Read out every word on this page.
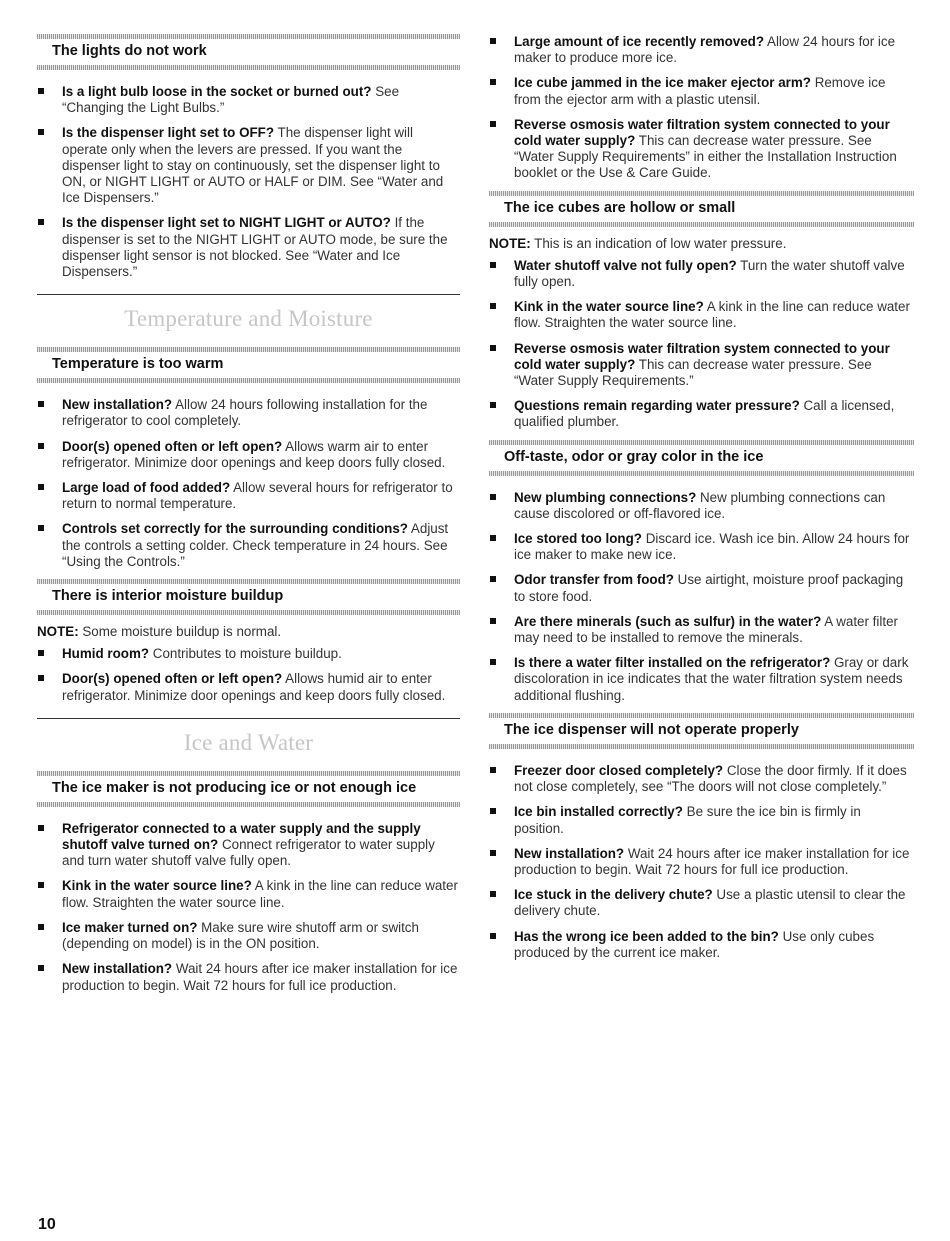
The lights do not work
Is a light bulb loose in the socket or burned out? See “Changing the Light Bulbs.”
Is the dispenser light set to OFF? The dispenser light will operate only when the levers are pressed. If you want the dispenser light to stay on continuously, set the dispenser light to ON, or NIGHT LIGHT or AUTO or HALF or DIM. See “Water and Ice Dispensers.”
Is the dispenser light set to NIGHT LIGHT or AUTO? If the dispenser is set to the NIGHT LIGHT or AUTO mode, be sure the dispenser light sensor is not blocked. See “Water and Ice Dispensers.”
Temperature and Moisture
Temperature is too warm
New installation? Allow 24 hours following installation for the refrigerator to cool completely.
Door(s) opened often or left open? Allows warm air to enter refrigerator. Minimize door openings and keep doors fully closed.
Large load of food added? Allow several hours for refrigerator to return to normal temperature.
Controls set correctly for the surrounding conditions? Adjust the controls a setting colder. Check temperature in 24 hours. See “Using the Controls.”
There is interior moisture buildup
NOTE: Some moisture buildup is normal.
Humid room? Contributes to moisture buildup.
Door(s) opened often or left open? Allows humid air to enter refrigerator. Minimize door openings and keep doors fully closed.
Ice and Water
The ice maker is not producing ice or not enough ice
Refrigerator connected to a water supply and the supply shutoff valve turned on? Connect refrigerator to water supply and turn water shutoff valve fully open.
Kink in the water source line? A kink in the line can reduce water flow. Straighten the water source line.
Ice maker turned on? Make sure wire shutoff arm or switch (depending on model) is in the ON position.
New installation? Wait 24 hours after ice maker installation for ice production to begin. Wait 72 hours for full ice production.
Large amount of ice recently removed? Allow 24 hours for ice maker to produce more ice.
Ice cube jammed in the ice maker ejector arm? Remove ice from the ejector arm with a plastic utensil.
Reverse osmosis water filtration system connected to your cold water supply? This can decrease water pressure. See “Water Supply Requirements” in either the Installation Instruction booklet or the Use & Care Guide.
The ice cubes are hollow or small
NOTE: This is an indication of low water pressure.
Water shutoff valve not fully open? Turn the water shutoff valve fully open.
Kink in the water source line? A kink in the line can reduce water flow. Straighten the water source line.
Reverse osmosis water filtration system connected to your cold water supply? This can decrease water pressure. See “Water Supply Requirements.”
Questions remain regarding water pressure? Call a licensed, qualified plumber.
Off-taste, odor or gray color in the ice
New plumbing connections? New plumbing connections can cause discolored or off-flavored ice.
Ice stored too long? Discard ice. Wash ice bin. Allow 24 hours for ice maker to make new ice.
Odor transfer from food? Use airtight, moisture proof packaging to store food.
Are there minerals (such as sulfur) in the water? A water filter may need to be installed to remove the minerals.
Is there a water filter installed on the refrigerator? Gray or dark discoloration in ice indicates that the water filtration system needs additional flushing.
The ice dispenser will not operate properly
Freezer door closed completely? Close the door firmly. If it does not close completely, see “The doors will not close completely.”
Ice bin installed correctly? Be sure the ice bin is firmly in position.
New installation? Wait 24 hours after ice maker installation for ice production to begin. Wait 72 hours for full ice production.
Ice stuck in the delivery chute? Use a plastic utensil to clear the delivery chute.
Has the wrong ice been added to the bin? Use only cubes produced by the current ice maker.
10
